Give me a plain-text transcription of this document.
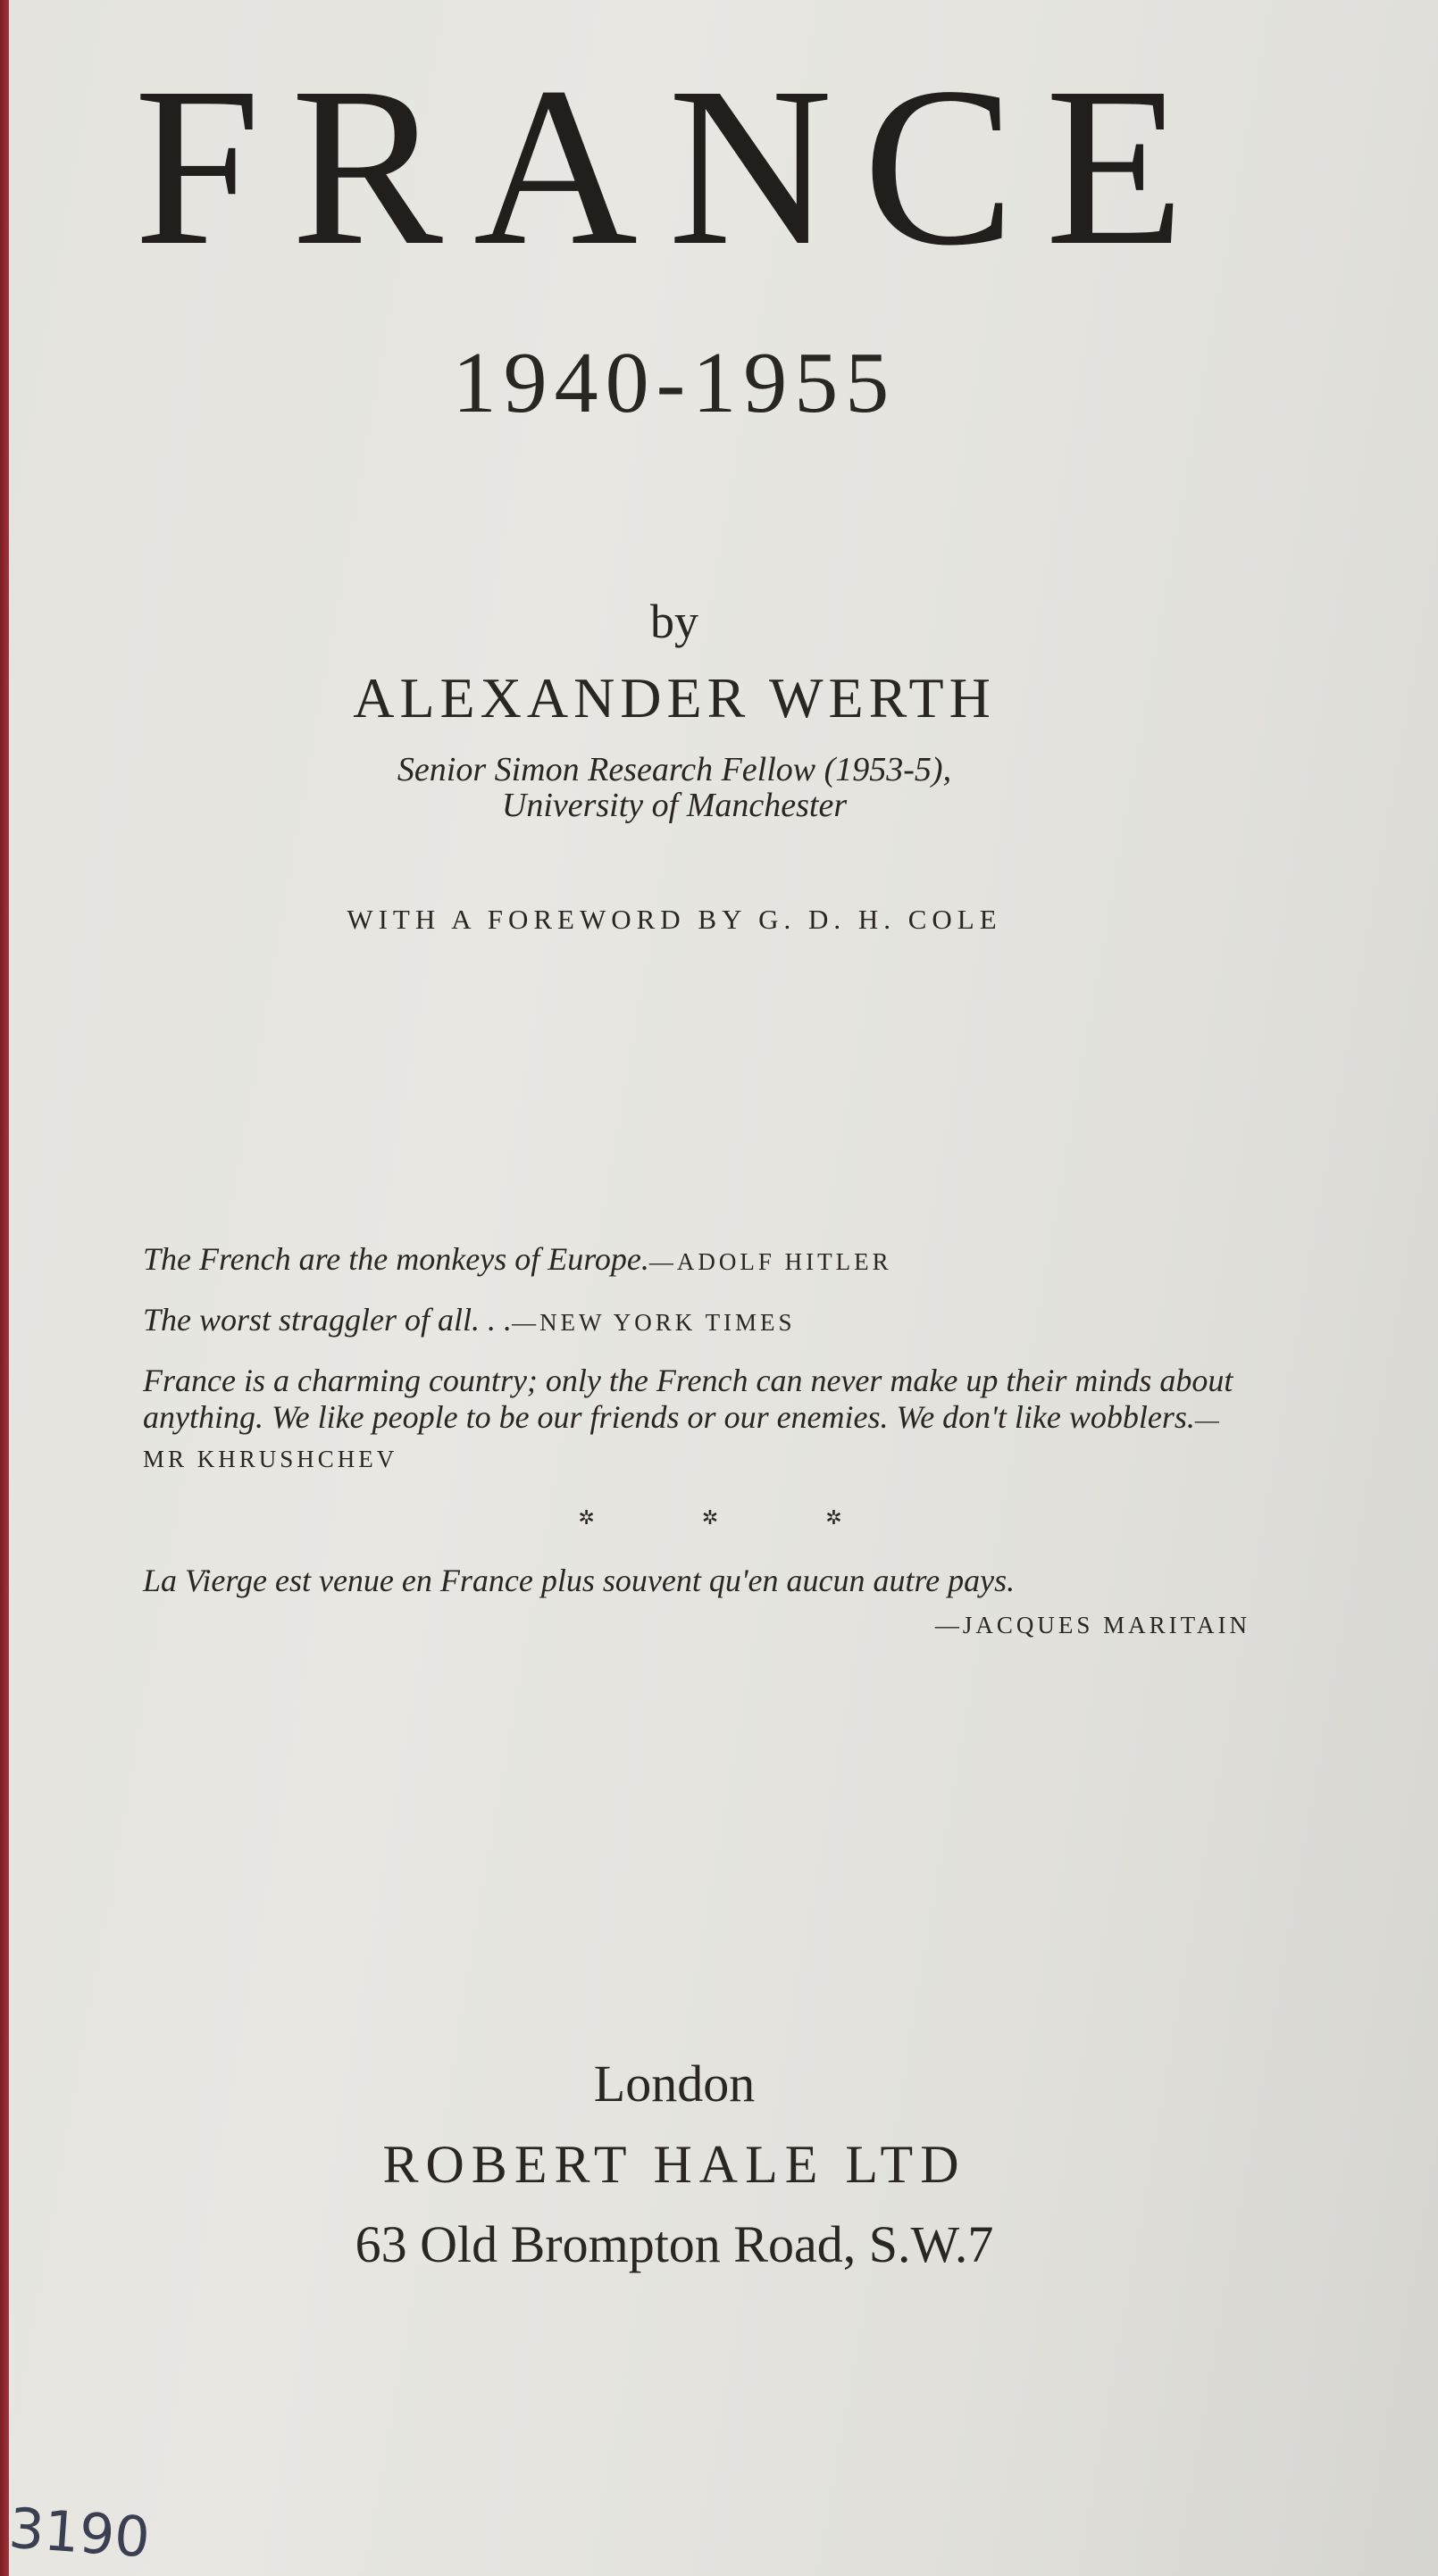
FRANCE
1940-1955
by
ALEXANDER WERTH
Senior Simon Research Fellow (1953-5),
University of Manchester
WITH A FOREWORD BY G. D. H. COLE

The French are the monkeys of Europe.—ADOLF HITLER

The worst straggler of all. . .—NEW YORK TIMES

France is a charming country; only the French can never make up their minds about anything. We like people to be our friends or our enemies. We don't like wobblers.—MR KHRUSHCHEV

✲	✲	✲

La Vierge est venue en France plus souvent qu'en aucun autre pays.

—JACQUES MARITAIN
London
ROBERT HALE LTD
63 Old Brompton Road, S.W.7
3190
